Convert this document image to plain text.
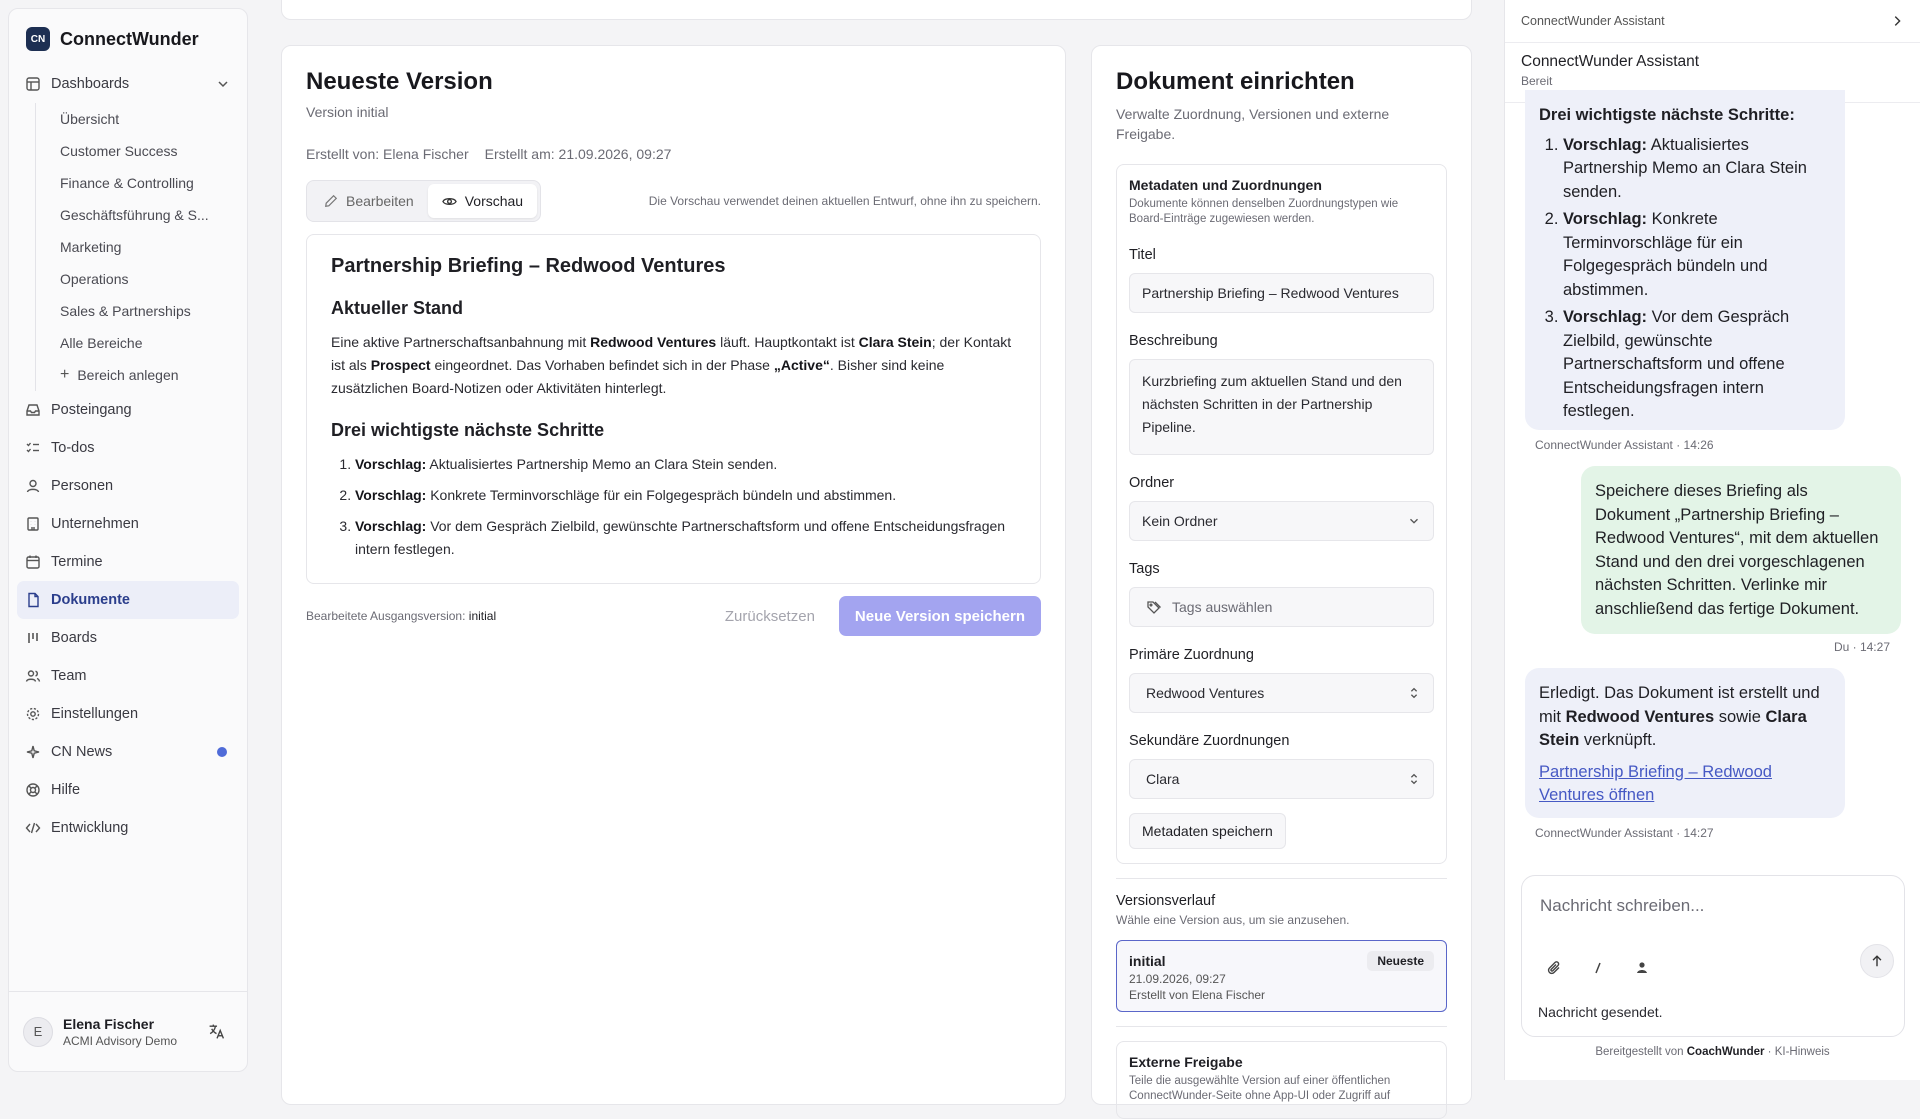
CN ConnectWunder
Dashboards
Übersicht
Customer Success
Finance & Controlling
Geschäftsführung & S...
Marketing
Operations
Sales & Partnerships
Alle Bereiche
+ Bereich anlegen
Posteingang
To-dos
Personen
Unternehmen
Termine
Dokumente
Boards
Team
Einstellungen
CN News
Hilfe
Entwicklung
E	Elena Fischer
ACMI Advisory Demo
Neueste Version
Version initial
Erstellt von: Elena Fischer Erstellt am: 21.09.2026, 09:27
Bearbeiten	Vorschau	Die Vorschau verwendet deinen aktuellen Entwurf, ohne ihn zu speichern.
Partnership Briefing – Redwood Ventures
Aktueller Stand

Eine aktive Partnerschaftsanbahnung mit Redwood Ventures läuft. Hauptkontakt ist Clara Stein; der Kontakt ist als Prospect eingeordnet. Das Vorhaben befindet sich in der Phase „Active“. Bisher sind keine zusätzlichen Board-Notizen oder Aktivitäten hinterlegt.

Drei wichtigste nächste Schritte
1. Vorschlag: Aktualisiertes Partnership Memo an Clara Stein senden.
2. Vorschlag: Konkrete Terminvorschläge für ein Folgegespräch bündeln und abstimmen.
3. Vorschlag: Vor dem Gespräch Zielbild, gewünschte Partnerschaftsform und offene Entscheidungsfragen intern festlegen.
Bearbeitete Ausgangsversion: initial	Zurücksetzen	Neue Version speichern
Dokument einrichten
Verwalte Zuordnung, Versionen und externe Freigabe.
Metadaten und Zuordnungen
Dokumente können denselben Zuordnungstypen wie Board-Einträge zugewiesen werden.
Titel
Partnership Briefing – Redwood Ventures
Beschreibung
Kurzbriefing zum aktuellen Stand und den nächsten Schritten in der Partnership Pipeline.
Ordner
Kein Ordner
Tags
Tags auswählen
Primäre Zuordnung
Redwood Ventures
Sekundäre Zuordnungen
Clara
Metadaten speichern
Versionsverlauf
Wähle eine Version aus, um sie anzusehen.
initial	Neueste
21.09.2026, 09:27
Erstellt von Elena Fischer
Externe Freigabe
Teile die ausgewählte Version auf einer öffentlichen ConnectWunder-Seite ohne App-UI oder Zugriff auf
ConnectWunder Assistant
ConnectWunder Assistant
Bereit
Drei wichtigste nächste Schritte:
1. Vorschlag: Aktualisiertes Partnership Memo an Clara Stein senden.
2. Vorschlag: Konkrete Terminvorschläge für ein Folgegespräch bündeln und abstimmen.
3. Vorschlag: Vor dem Gespräch Zielbild, gewünschte Partnerschaftsform und offene Entscheidungsfragen intern festlegen.
ConnectWunder Assistant · 14:26
Speichere dieses Briefing als Dokument „Partnership Briefing – Redwood Ventures“, mit dem aktuellen Stand und den drei vorgeschlagenen nächsten Schritten. Verlinke mir anschließend das fertige Dokument.
Du · 14:27
Erledigt. Das Dokument ist erstellt und mit Redwood Ventures sowie Clara Stein verknüpft.
Partnership Briefing – Redwood Ventures öffnen
ConnectWunder Assistant · 14:27
Nachricht schreiben...
Nachricht gesendet.
Bereitgestellt von CoachWunder · KI-Hinweis
